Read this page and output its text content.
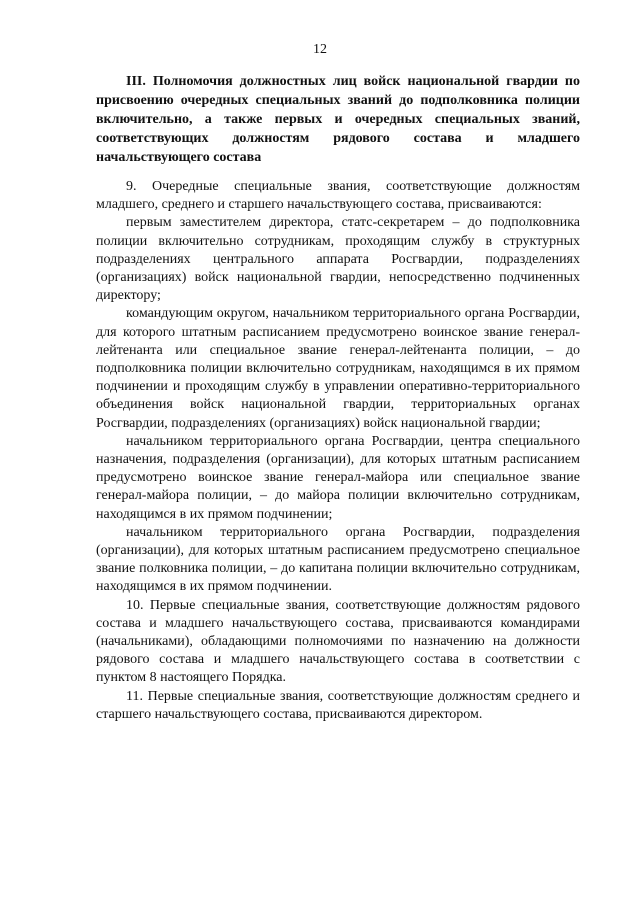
12
III. Полномочия должностных лиц войск национальной гвардии по присвоению очередных специальных званий до подполковника полиции включительно, а также первых и очередных специальных званий, соответствующих должностям рядового состава и младшего начальствующего состава

9. Очередные специальные звания, соответствующие должностям младшего, среднего и старшего начальствующего состава, присваиваются:

первым заместителем директора, статс-секретарем – до подполковника полиции включительно сотрудникам, проходящим службу в структурных подразделениях центрального аппарата Росгвардии, подразделениях (организациях) войск национальной гвардии, непосредственно подчиненных директору;

командующим округом, начальником территориального органа Росгвардии, для которого штатным расписанием предусмотрено воинское звание генерал-лейтенанта или специальное звание генерал-лейтенанта полиции, – до подполковника полиции включительно сотрудникам, находящимся в их прямом подчинении и проходящим службу в управлении оперативно-территориального объединения войск национальной гвардии, территориальных органах Росгвардии, подразделениях (организациях) войск национальной гвардии;

начальником территориального органа Росгвардии, центра специального назначения, подразделения (организации), для которых штатным расписанием предусмотрено воинское звание генерал-майора или специальное звание генерал-майора полиции, – до майора полиции включительно сотрудникам, находящимся в их прямом подчинении;

начальником территориального органа Росгвардии, подразделения (организации), для которых штатным расписанием предусмотрено специальное звание полковника полиции, – до капитана полиции включительно сотрудникам, находящимся в их прямом подчинении.

10. Первые специальные звания, соответствующие должностям рядового состава и младшего начальствующего состава, присваиваются командирами (начальниками), обладающими полномочиями по назначению на должности рядового состава и младшего начальствующего состава в соответствии с пунктом 8 настоящего Порядка.

11. Первые специальные звания, соответствующие должностям среднего и старшего начальствующего состава, присваиваются директором.
